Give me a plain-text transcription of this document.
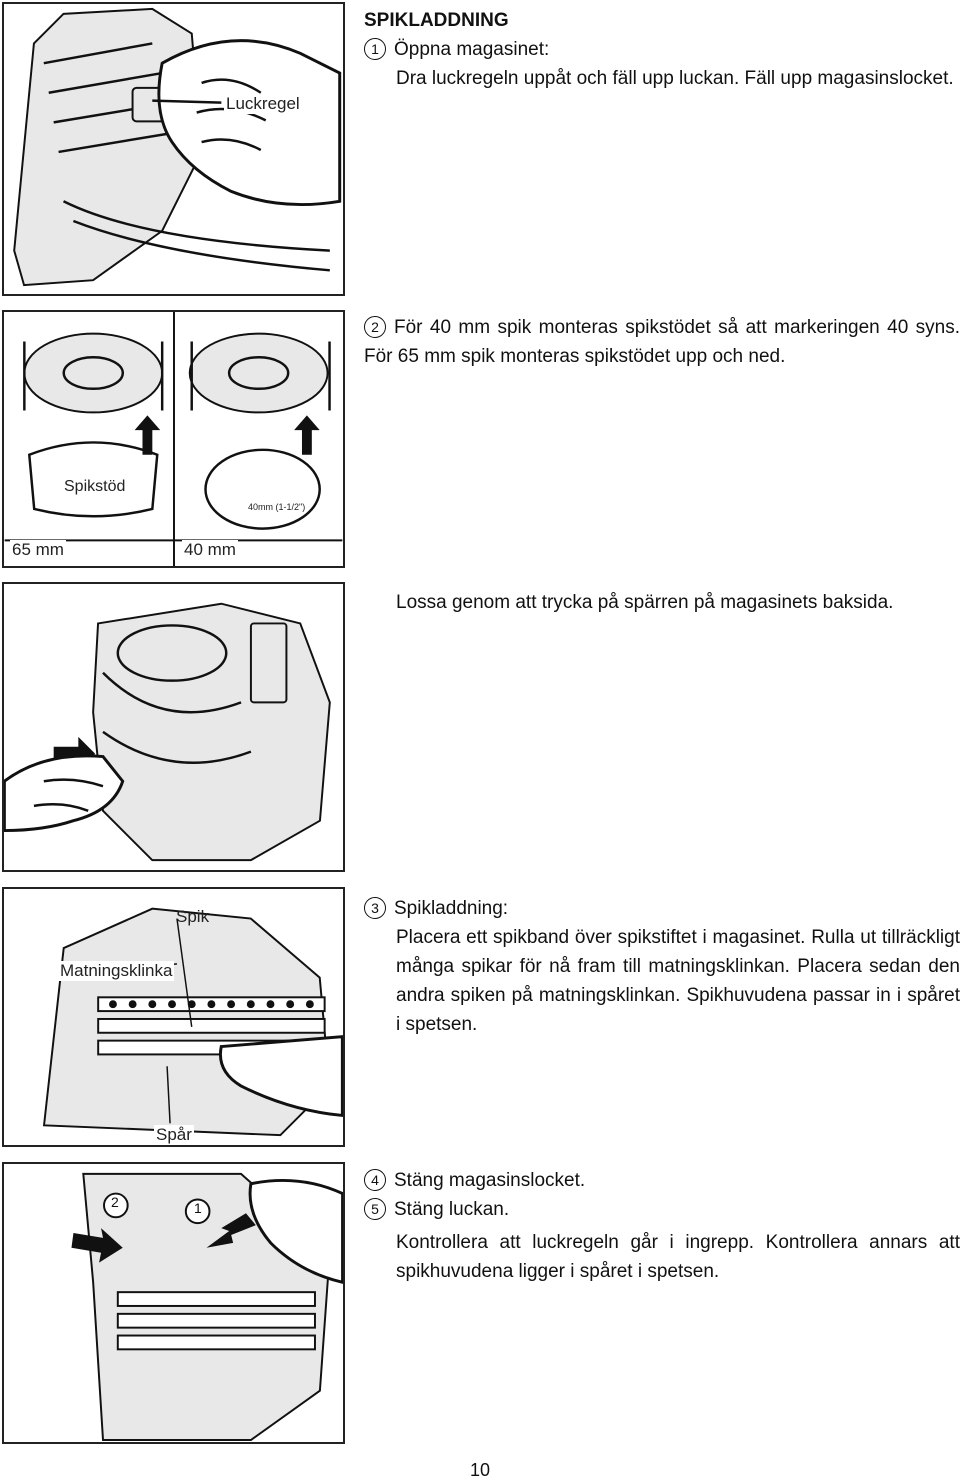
Luckregel
Spikstöd
40mm (1-1/2")
65 mm	40 mm
Spik
Matningsklinka
Spår
2	1

SPIKLADDNING

1 Öppna magasinet:

Dra luckregeln uppåt och fäll upp luckan. Fäll upp magasinslocket.

2 För 40 mm spik monteras spikstödet så att markeringen 40 syns. För 65 mm spik monteras spikstödet upp och ned.

Lossa genom att trycka på spärren på magasinets baksida.

3 Spikladdning:

Placera ett spikband över spikstiftet i magasinet. Rulla ut tillräckligt många spikar för nå fram till matningsklinkan. Placera sedan den andra spiken på matningsklinkan. Spikhuvudena passar in i spåret i spetsen.

4 Stäng magasinslocket.

5 Stäng luckan.

Kontrollera att luckregeln går i ingrepp. Kontrollera annars att spikhuvudena ligger i spåret i spetsen.

10
